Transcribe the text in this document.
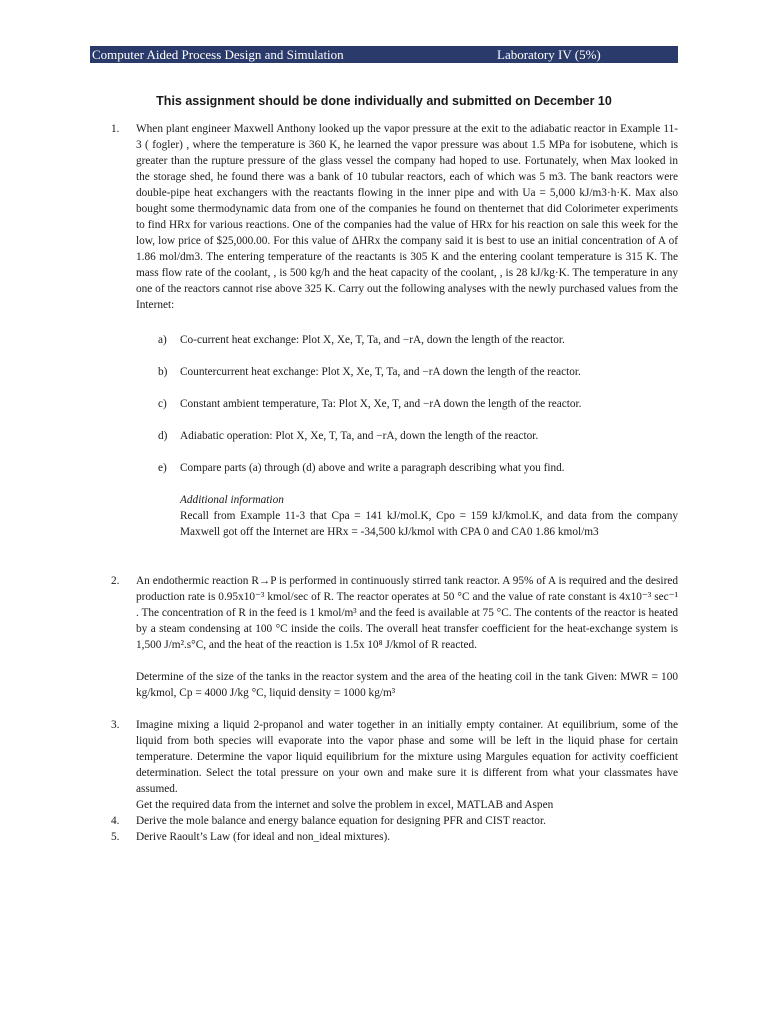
Computer Aided Process Design and Simulation	Laboratory IV (5%)
This assignment should be done individually and submitted on December 10
1. When plant engineer Maxwell Anthony looked up the vapor pressure at the exit to the adiabatic reactor in Example 11-3 ( fogler) , where the temperature is 360 K, he learned the vapor pressure was about 1.5 MPa for isobutene, which is greater than the rupture pressure of the glass vessel the company had hoped to use. Fortunately, when Max looked in the storage shed, he found there was a bank of 10 tubular reactors, each of which was 5 m3. The bank reactors were double-pipe heat exchangers with the reactants flowing in the inner pipe and with Ua = 5,000 kJ/m3·h·K. Max also bought some thermodynamic data from one of the companies he found on thenternet that did Colorimeter experiments to find HRx for various reactions. One of the companies had the value of HRx for his reaction on sale this week for the low, low price of $25,000.00. For this value of ΔHRx the company said it is best to use an initial concentration of A of 1.86 mol/dm3. The entering temperature of the reactants is 305 K and the entering coolant temperature is 315 K. The mass flow rate of the coolant, , is 500 kg/h and the heat capacity of the coolant, , is 28 kJ/kg·K. The temperature in any one of the reactors cannot rise above 325 K. Carry out the following analyses with the newly purchased values from the Internet:
a) Co-current heat exchange: Plot X, Xe, T, Ta, and −rA, down the length of the reactor.
b) Countercurrent heat exchange: Plot X, Xe, T, Ta, and −rA down the length of the reactor.
c) Constant ambient temperature, Ta: Plot X, Xe, T, and −rA down the length of the reactor.
d) Adiabatic operation: Plot X, Xe, T, Ta, and −rA, down the length of the reactor.
e) Compare parts (a) through (d) above and write a paragraph describing what you find.
Additional information
Recall from Example 11-3 that Cpa = 141 kJ/mol.K, Cpo = 159 kJ/kmol.K, and data from the company Maxwell got off the Internet are HRx = -34,500 kJ/kmol with CPA 0 and CA0 1.86 kmol/m3
2. An endothermic reaction R→P is performed in continuously stirred tank reactor. A 95% of A is required and the desired production rate is 0.95x10⁻³ kmol/sec of R. The reactor operates at 50 °C and the value of rate constant is 4x10⁻³ sec⁻¹ . The concentration of R in the feed is 1 kmol/m³ and the feed is available at 75 °C. The contents of the reactor is heated by a steam condensing at 100 °C inside the coils. The overall heat transfer coefficient for the heat-exchange system is 1,500 J/m².s°C, and the heat of the reaction is 1.5x 10⁸ J/kmol of R reacted.
Determine of the size of the tanks in the reactor system and the area of the heating coil in the tank Given: MWR = 100 kg/kmol, Cp = 4000 J/kg °C, liquid density = 1000 kg/m³
3. Imagine mixing a liquid 2-propanol and water together in an initially empty container. At equilibrium, some of the liquid from both species will evaporate into the vapor phase and some will be left in the liquid phase for certain temperature. Determine the vapor liquid equilibrium for the mixture using Margules equation for activity coefficient determination. Select the total pressure on your own and make sure it is different from what your classmates have assumed.
Get the required data from the internet and solve the problem in excel, MATLAB and Aspen
4. Derive the mole balance and energy balance equation for designing PFR and CIST reactor.
5. Derive Raoult’s Law (for ideal and non_ideal mixtures).
